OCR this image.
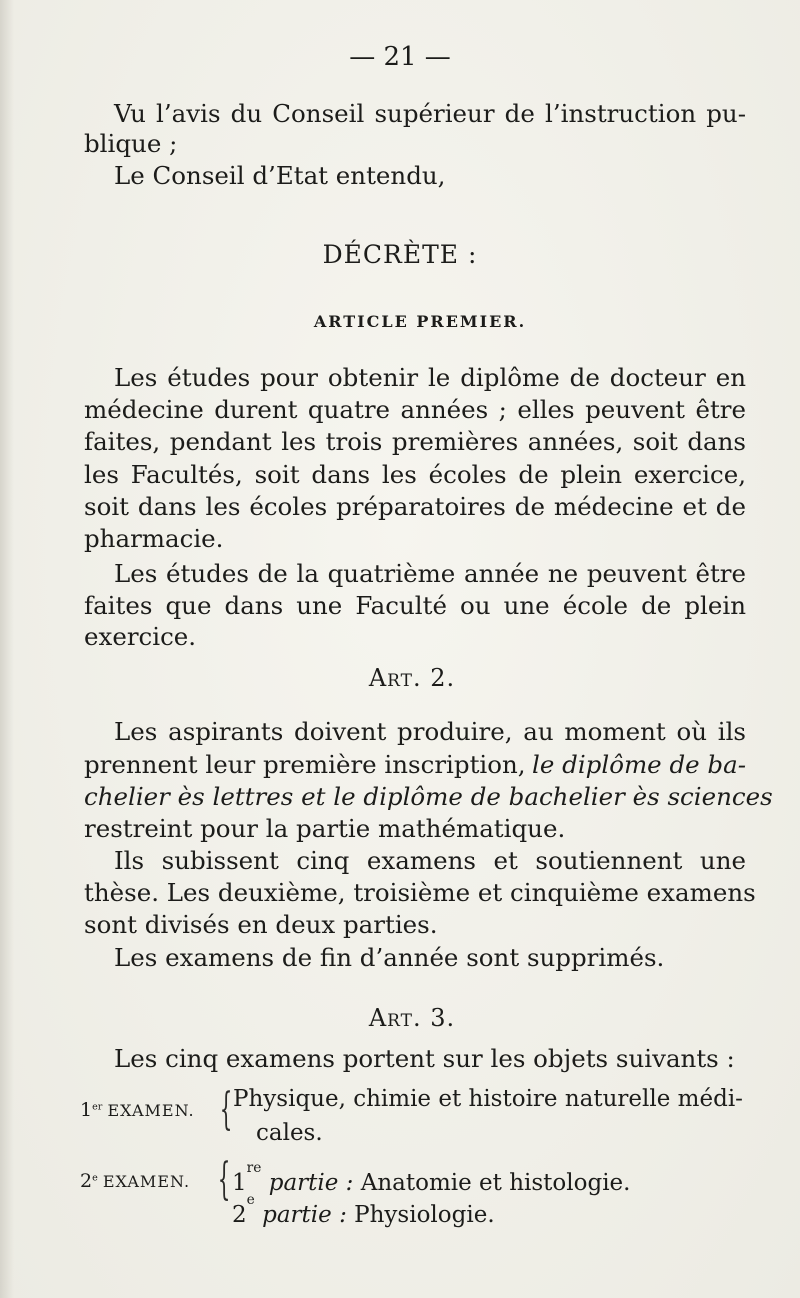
— 21 —
Vu l’avis du Conseil supérieur de l’instruction pu-
blique ;
Le Conseil d’Etat entendu,
DÉCRÈTE :
ARTICLE PREMIER.
Les études pour obtenir le diplôme de docteur en
médecine durent quatre années ; elles peuvent être
faites, pendant les trois premières années, soit dans
les Facultés, soit dans les écoles de plein exercice,
soit dans les écoles préparatoires de médecine et de
pharmacie.
Les études de la quatrième année ne peuvent être
faites que dans une Faculté ou une école de plein
exercice.
Art. 2.
Les aspirants doivent produire, au moment où ils
prennent leur première inscription, le diplôme de ba-
chelier ès lettres et le diplôme de bachelier ès sciences
restreint pour la partie mathématique.
Ils subissent cinq examens et soutiennent une
thèse. Les deuxième, troisième et cinquième examens
sont divisés en deux parties.
Les examens de fin d’année sont supprimés.
Art. 3.
Les cinq examens portent sur les objets suivants :
1er EXAMEN. { Physique, chimie et histoire naturelle médi-
cales.
2e EXAMEN. { 1re partie : Anatomie et histologie.
2e partie : Physiologie.
